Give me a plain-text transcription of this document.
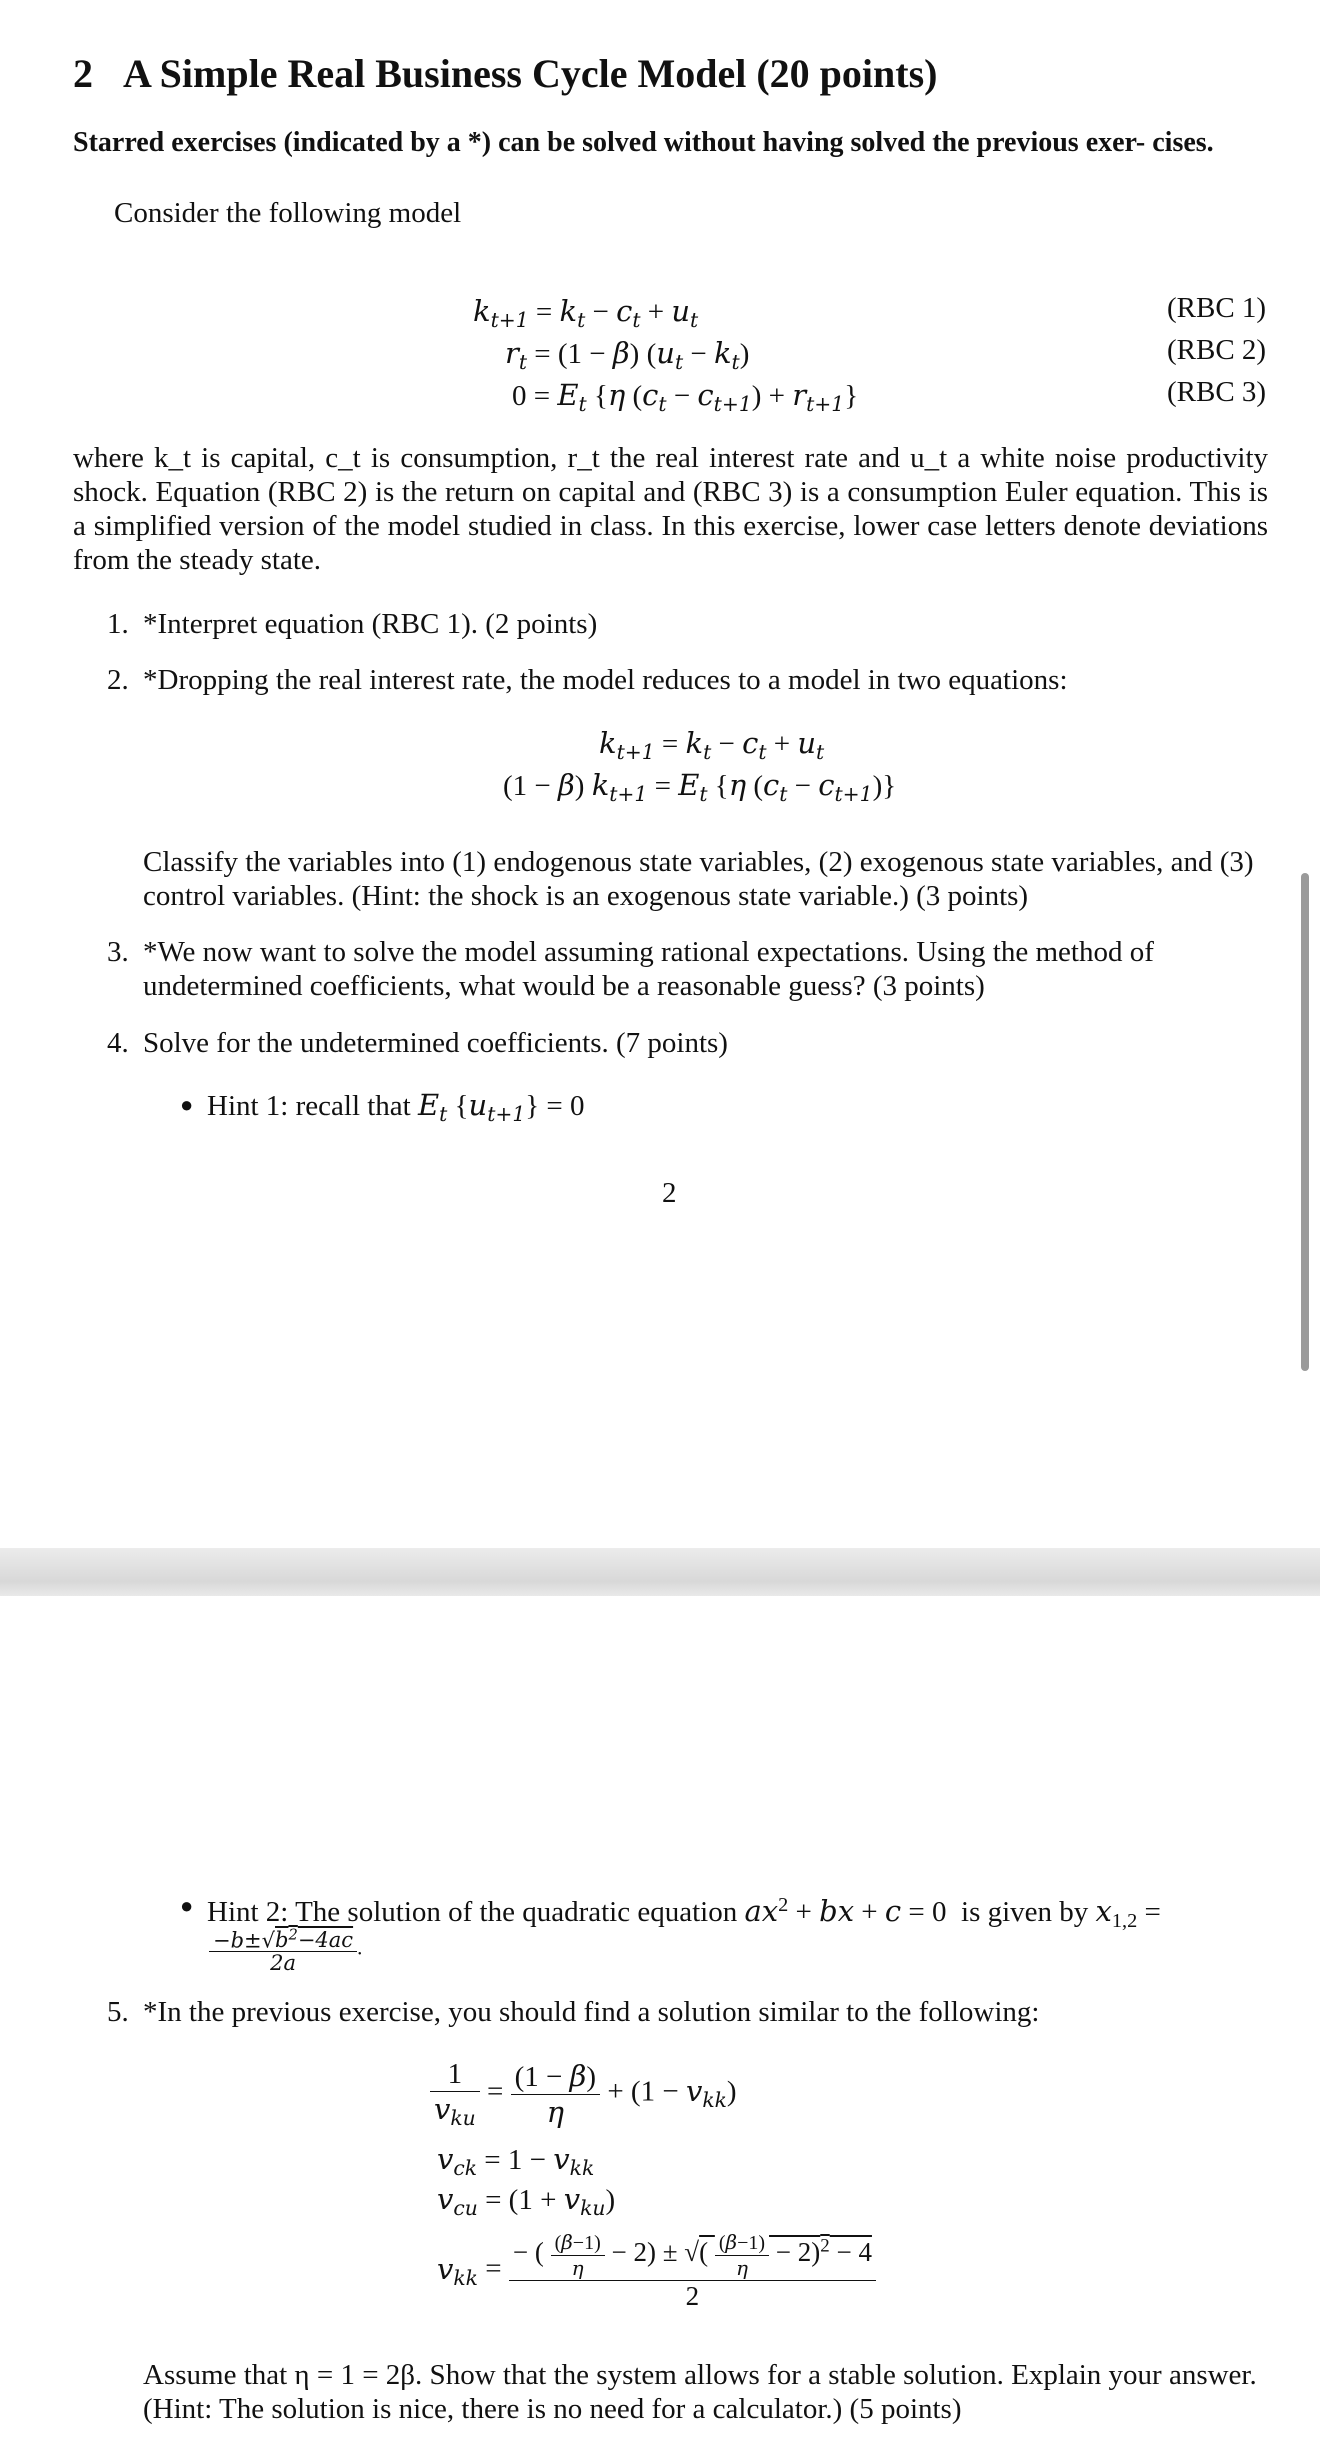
2 A Simple Real Business Cycle Model (20 points)
Starred exercises (indicated by a *) can be solved without having solved the previous exer- cises.
Consider the following model
$k_{t+1} = k_t - c_t + u_t$
$r_t = (1 - \beta) (u_t - k_t)$
$0 = E_t$ {η $(c_t - c_{t+1}) + r_{t+1}$}
(RBC 1)
(RBC 2)
(RBC 3)
where k_t is capital, c_t is consumption, r_t the real interest rate and u_t a white noise productivity shock. Equation (RBC 2) is the return on capital and (RBC 3) is a consumption Euler equation. This is a simplified version of the model studied in class. In this exercise, lower case letters denote deviations from the steady state.
1. *Interpret equation (RBC 1). (2 points)
2. *Dropping the real interest rate, the model reduces to a model in two equations:
$k_{t+1} = k_t - c_t + u_t$
(1 − β) $k_{t+1} = E_t$ {η $(c_t - c_{t+1})$}
Classify the variables into (1) endogenous state variables, (2) exogenous state variables, and (3) control variables. (Hint: the shock is an exogenous state variable.) (3 points)
3. *We now want to solve the model assuming rational expectations. Using the method of undetermined coefficients, what would be a reasonable guess? (3 points)
4. Solve for the undetermined coefficients. (7 points)
● Hint 1: recall that $E_t$ $\{u_{t+1}\} = 0$
2
● Hint 2: The solution of the quadratic equation $ax^2$ + bx + c = 0  is given by $x_{1,2}$ =
$\frac{-b\pm√b^2-4ac}{2a}$ .
5. *In the previous exercise, you should find a solution similar to the following:
$\frac{1}{v_{ku}} = \frac{(1 - \beta)}{\eta} + (1 - v_{kk})$
$v_{ck} = 1 - v_{kk}$
$v_{cu} = (1 + v_{ku})$
$v_{kk} = \frac{- ( \frac{(\beta-1)}{\eta} - 2) \pm √( \frac{(\beta-1)}{\eta} - 2)^2 - 4}{2}$
Assume that η = 1 = 2β. Show that the system allows for a stable solution. Explain your answer. (Hint: The solution is nice, there is no need for a calculator.) (5 points)
